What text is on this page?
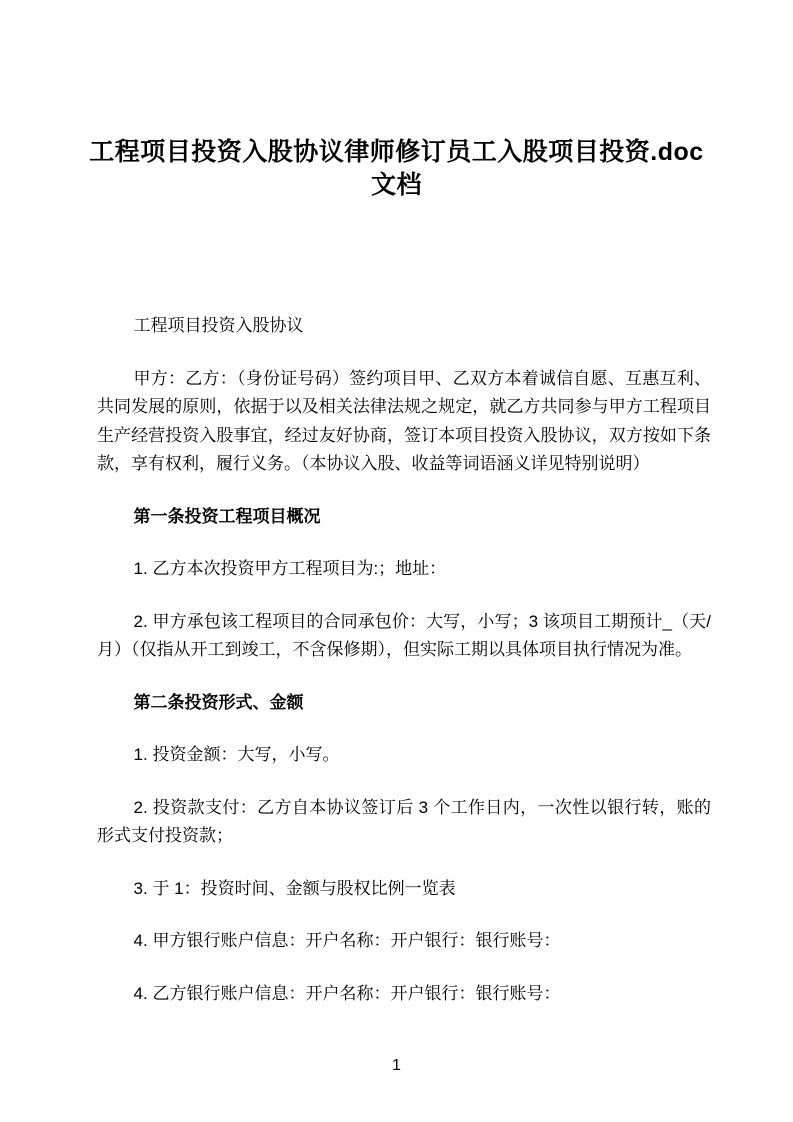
工程项目投资入股协议律师修订员工入股项目投资.doc
文档

工程项目投资入股协议

甲方：乙方：（身份证号码）签约项目甲、乙双方本着诚信自愿、互惠互利、共同发展的原则，依据于以及相关法律法规之规定，就乙方共同参与甲方工程项目生产经营投资入股事宜，经过友好协商，签订本项目投资入股协议，双方按如下条款，享有权利，履行义务。（本协议入股、收益等词语涵义详见特别说明）

第一条投资工程项目概况

1. 乙方本次投资甲方工程项目为:；地址：

2. 甲方承包该工程项目的合同承包价：大写，小写；3 该项目工期预计_（天/月）（仅指从开工到竣工，不含保修期），但实际工期以具体项目执行情况为准。

第二条投资形式、金额

1. 投资金额：大写，小写。

2. 投资款支付：乙方自本协议签订后 3 个工作日内，一次性以银行转，账的形式支付投资款；

3. 于 1：投资时间、金额与股权比例一览表

4. 甲方银行账户信息：开户名称：开户银行：银行账号：

4. 乙方银行账户信息：开户名称：开户银行：银行账号：

1
